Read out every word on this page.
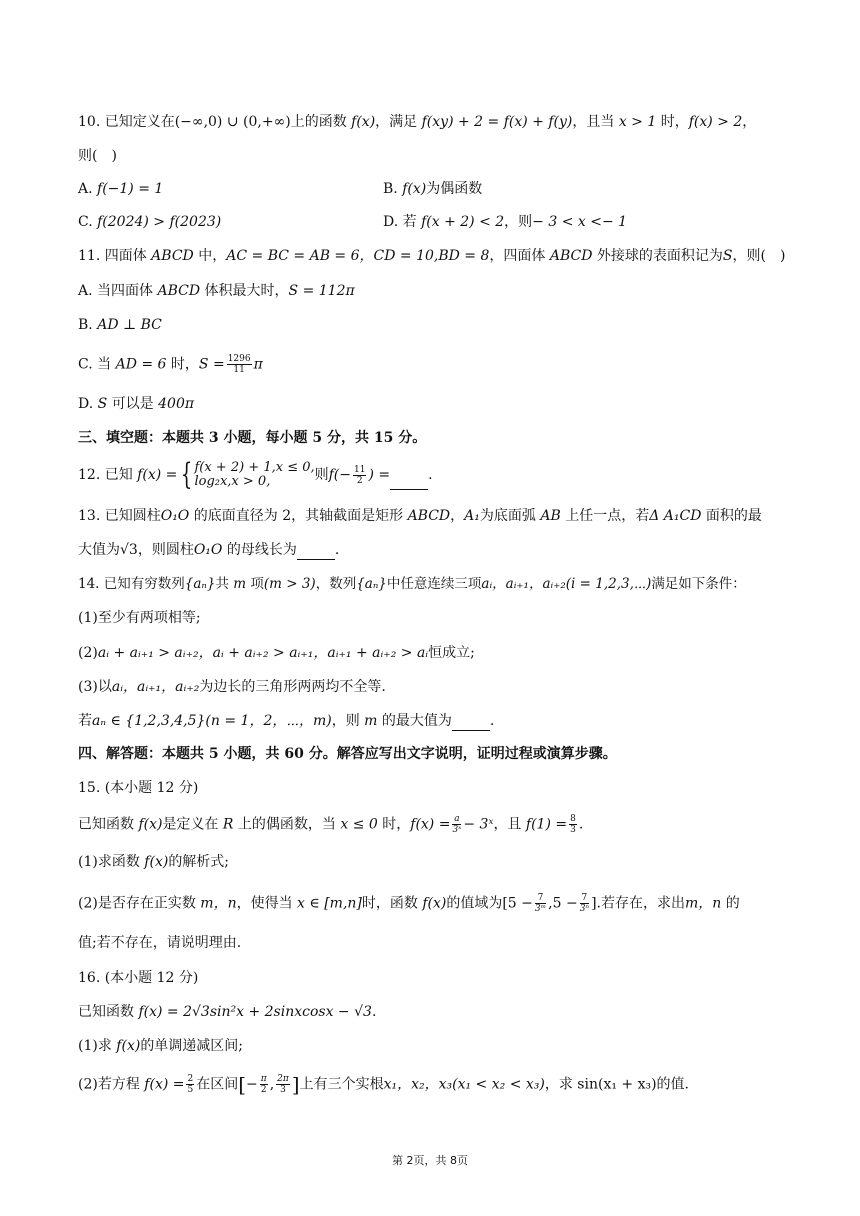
10. 已知定义在(−∞,0) ∪ (0,+∞)上的函数 f(x)，满足 f(xy) + 2 = f(x) + f(y)，且当 x > 1 时，f(x) > 2，
则(　)
A. f(−1) = 1	B. f(x)为偶函数
C. f(2024) > f(2023)	D. 若 f(x + 2) < 2，则− 3 < x <− 1
11. 四面体 ABCD 中，AC = BC = AB = 6，CD = 10,BD = 8，四面体 ABCD 外接球的表面积记为S，则(　)
A. 当四面体 ABCD 体积最大时，S = 112π
B. AD ⊥ BC
C. 当 AD = 6 时，$S = \frac{1296}{11}$ π
D. S 可以是 400π
三、填空题：本题共 3 小题，每小题 5 分，共 15 分。
12. 已知 f(x) = { f(x + 2) + 1,x ≤ 0,
log₂x,x > 0,	则$f(- \frac{11}{2}$ ) =	.
13. 已知圆柱O₁O 的底面直径为 2，其轴截面是矩形 ABCD，A₁为底面弧 AB 上任一点，若Δ A₁CD 面积的最
大值为√3，则圆柱O₁O 的母线长为	.
14. 已知有穷数列{aₙ}共 m 项(m > 3)，数列{aₙ}中任意连续三项aᵢ，aᵢ₊₁，aᵢ₊₂(i = 1,2,3,⋯)满足如下条件：
(1)至少有两项相等;
(2)aᵢ + aᵢ₊₁ > aᵢ₊₂，aᵢ + aᵢ₊₂ > aᵢ₊₁，aᵢ₊₁ + aᵢ₊₂ > aᵢ恒成立;
(3)以aᵢ，aᵢ₊₁，aᵢ₊₂为边长的三角形两两均不全等.
若aₙ ∈ {1,2,3,4,5}(n = 1，2，⋯，m)，则 m 的最大值为	.
四、解答题：本题共 5 小题，共 60 分。解答应写出文字说明，证明过程或演算步骤。
15. (本小题 12 分)
已知函数 f(x)是定义在 R 上的偶函数，当 x ≤ 0 时，$f(x) = \frac{a}{\text{3ˣ}}$ − 3ˣ，且 $f(1) = \frac{8}{3}$ .
(1)求函数 f(x)的解析式;
(2)是否存在正实数 m，n，使得当 x ∈ [m,n]时，函数 f(x)的值域为[$5 - \frac{7}{\text{3ᵐ}} ,5 - \frac{7}{\text{3ⁿ}}$ ].若存在，求出m，n 的
值;若不存在，请说明理由.
16. (本小题 12 分)
已知函数 f(x) = 2√3sin²x + 2sinxcosx − √3.
(1)求 f(x)的单调递减区间;
(2)若方程 $f(x) = \frac{2}{5}$ 在区间[− $\frac{\pi}{2}$ , $\frac{2\pi}{3}$ ]上有三个实根x₁，x₂，x₃(x₁ < x₂ < x₃)，求 sin(x₁ + x₃)的值.
第 2页，共 8页
